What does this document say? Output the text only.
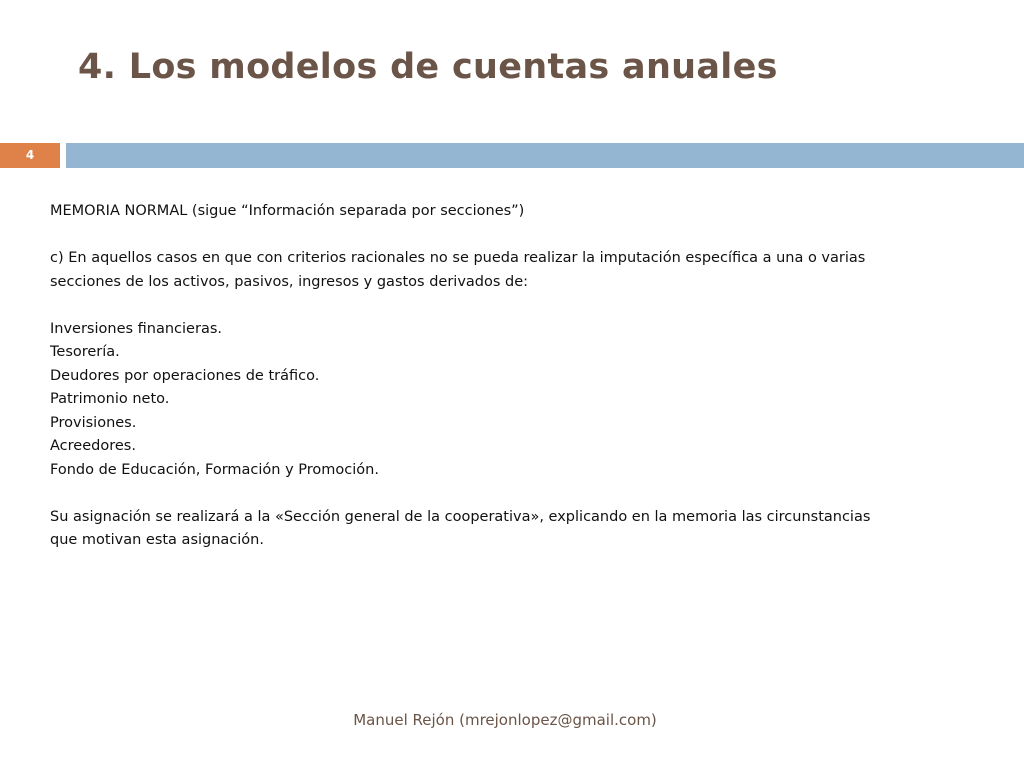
4. Los modelos de cuentas anuales
4

MEMORIA NORMAL (sigue “Información separada por secciones”)

c) En aquellos casos en que con criterios racionales no se pueda realizar la imputación específica a una o varias

secciones de los activos, pasivos, ingresos y gastos derivados de:

Inversiones financieras.

Tesorería.

Deudores por operaciones de tráfico.

Patrimonio neto.

Provisiones.

Acreedores.

Fondo de Educación, Formación y Promoción.

Su asignación se realizará a la «Sección general de la cooperativa», explicando en la memoria las circunstancias

que motivan esta asignación.

Manuel Rejón (mrejonlopez@gmail.com)
